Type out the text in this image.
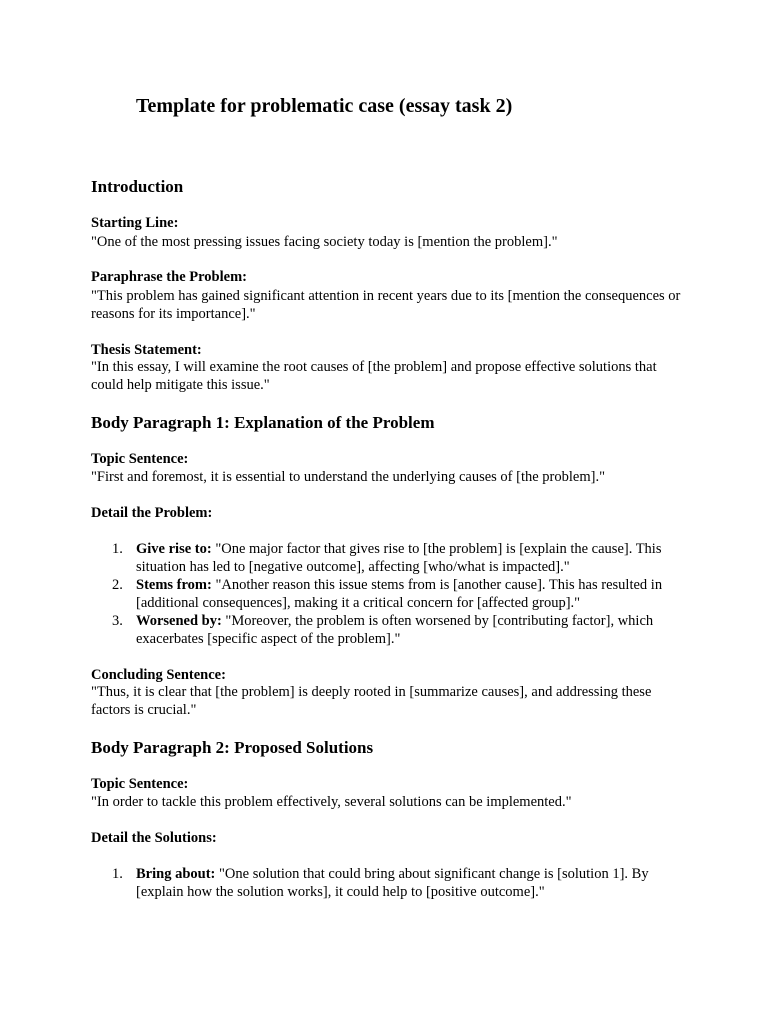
Template for problematic case (essay task 2)
Introduction
Starting Line:
"One of the most pressing issues facing society today is [mention the problem]."
Paraphrase the Problem:
"This problem has gained significant attention in recent years due to its [mention the consequences or reasons for its importance]."
Thesis Statement:
"In this essay, I will examine the root causes of [the problem] and propose effective solutions that could help mitigate this issue."
Body Paragraph 1: Explanation of the Problem
Topic Sentence:
"First and foremost, it is essential to understand the underlying causes of [the problem]."
Detail the Problem:
1. Give rise to: "One major factor that gives rise to [the problem] is [explain the cause]. This situation has led to [negative outcome], affecting [who/what is impacted]."
2. Stems from: "Another reason this issue stems from is [another cause]. This has resulted in [additional consequences], making it a critical concern for [affected group]."
3. Worsened by: "Moreover, the problem is often worsened by [contributing factor], which exacerbates [specific aspect of the problem]."
Concluding Sentence:
"Thus, it is clear that [the problem] is deeply rooted in [summarize causes], and addressing these factors is crucial."
Body Paragraph 2: Proposed Solutions
Topic Sentence:
"In order to tackle this problem effectively, several solutions can be implemented."
Detail the Solutions:
1. Bring about: "One solution that could bring about significant change is [solution 1]. By [explain how the solution works], it could help to [positive outcome]."
